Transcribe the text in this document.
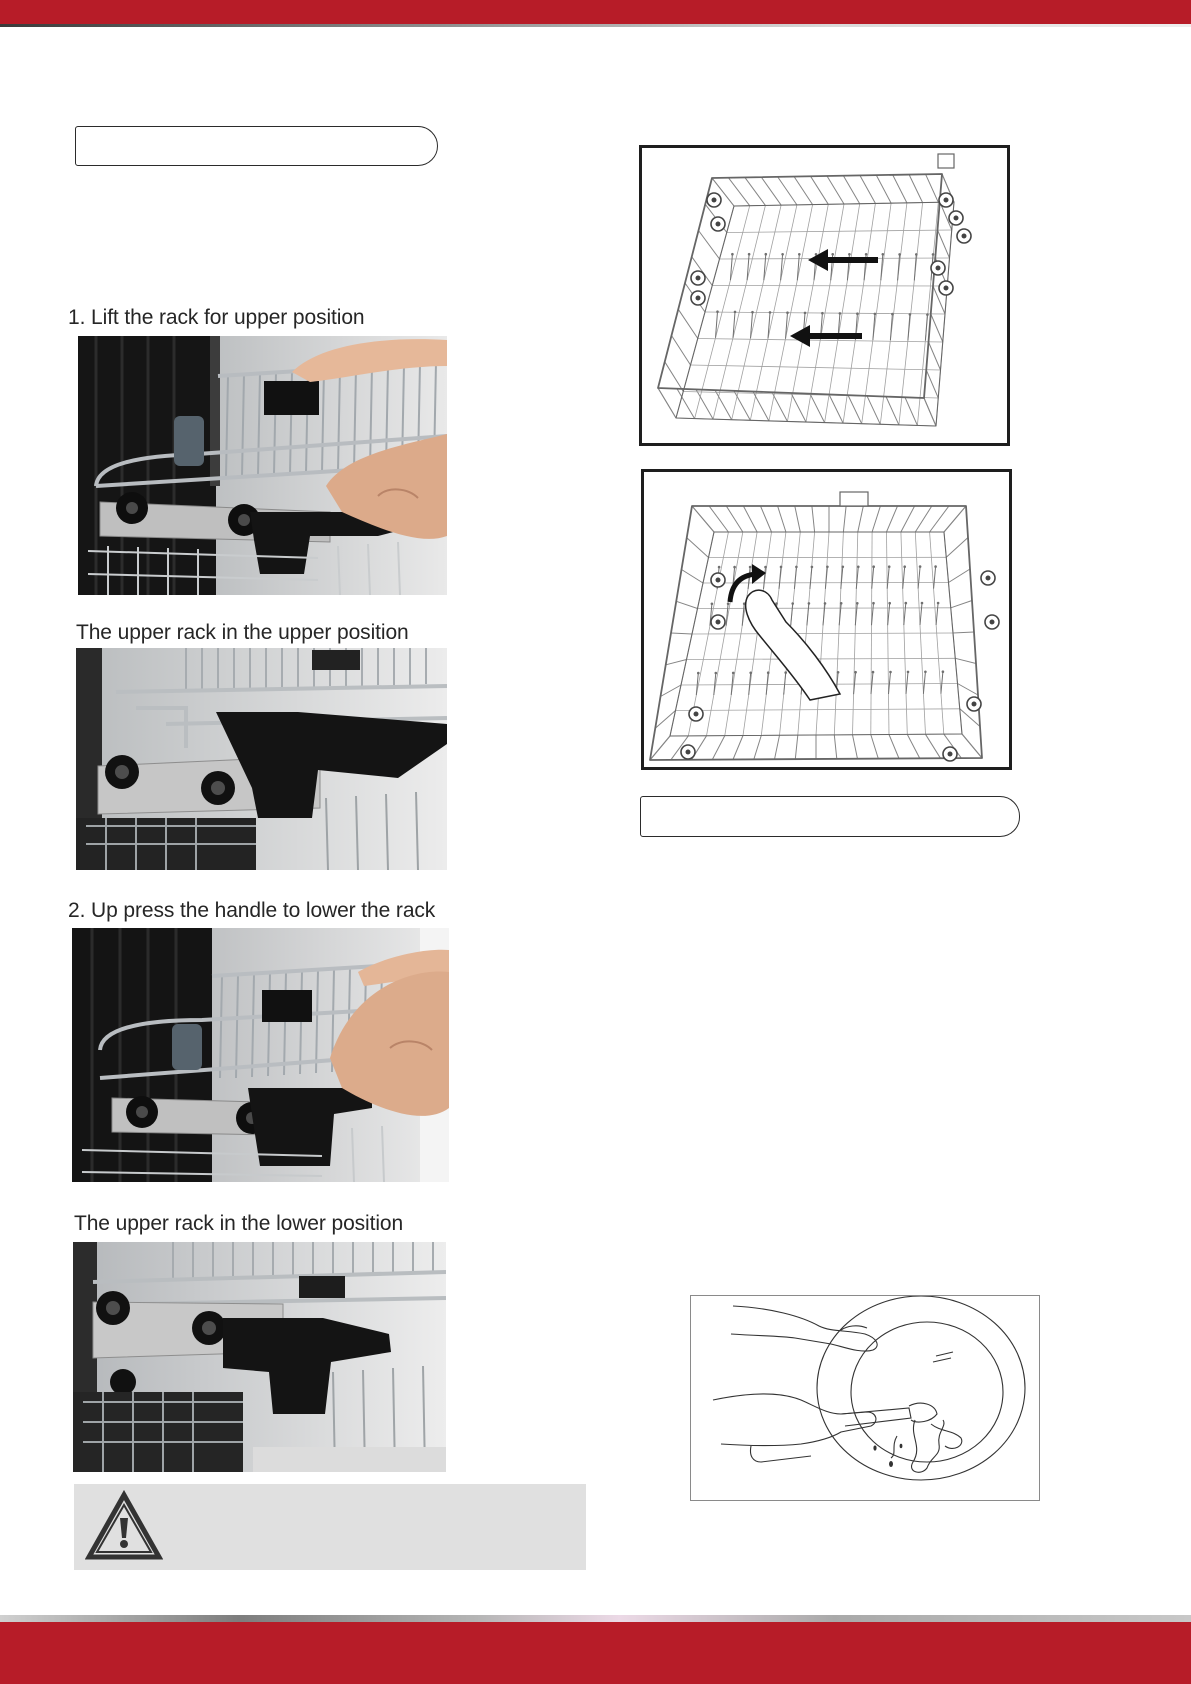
1. Lift the rack for upper position
The upper rack in the upper position
2. Up press the handle to lower the rack
The upper rack in the lower position
